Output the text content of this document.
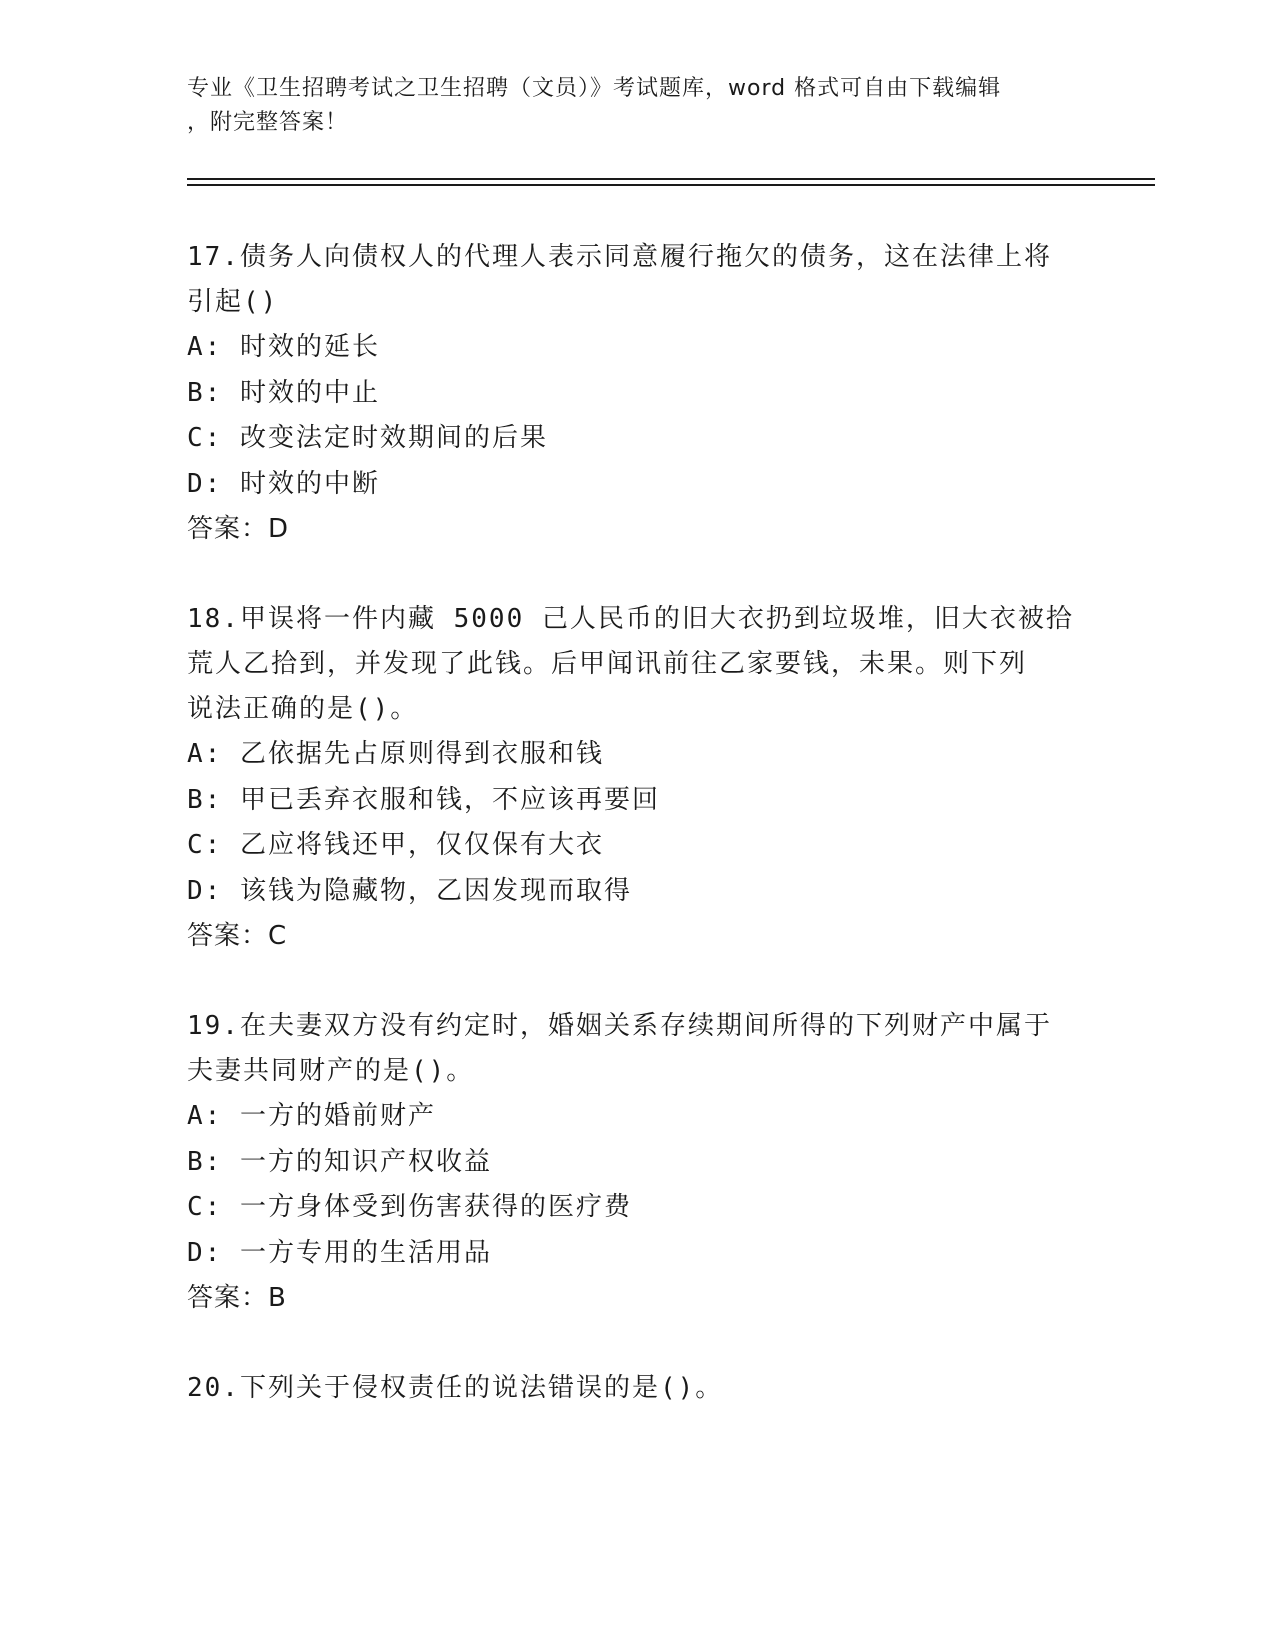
专业《卫生招聘考试之卫生招聘（文员）》考试题库，word 格式可自由下载编辑

，附完整答案！

17.债务人向债权人的代理人表示同意履行拖欠的债务，这在法律上将

引起()

A: 时效的延长

B: 时效的中止

C: 改变法定时效期间的后果

D: 时效的中断

答案：D

18.甲误将一件内藏 5000 己人民币的旧大衣扔到垃圾堆，旧大衣被拾

荒人乙拾到，并发现了此钱。后甲闻讯前往乙家要钱，未果。则下列

说法正确的是()。

A: 乙依据先占原则得到衣服和钱

B: 甲已丢弃衣服和钱，不应该再要回

C: 乙应将钱还甲，仅仅保有大衣

D: 该钱为隐藏物，乙因发现而取得

答案：C

19.在夫妻双方没有约定时，婚姻关系存续期间所得的下列财产中属于

夫妻共同财产的是()。

A: 一方的婚前财产

B: 一方的知识产权收益

C: 一方身体受到伤害获得的医疗费

D: 一方专用的生活用品

答案：B

20.下列关于侵权责任的说法错误的是()。
